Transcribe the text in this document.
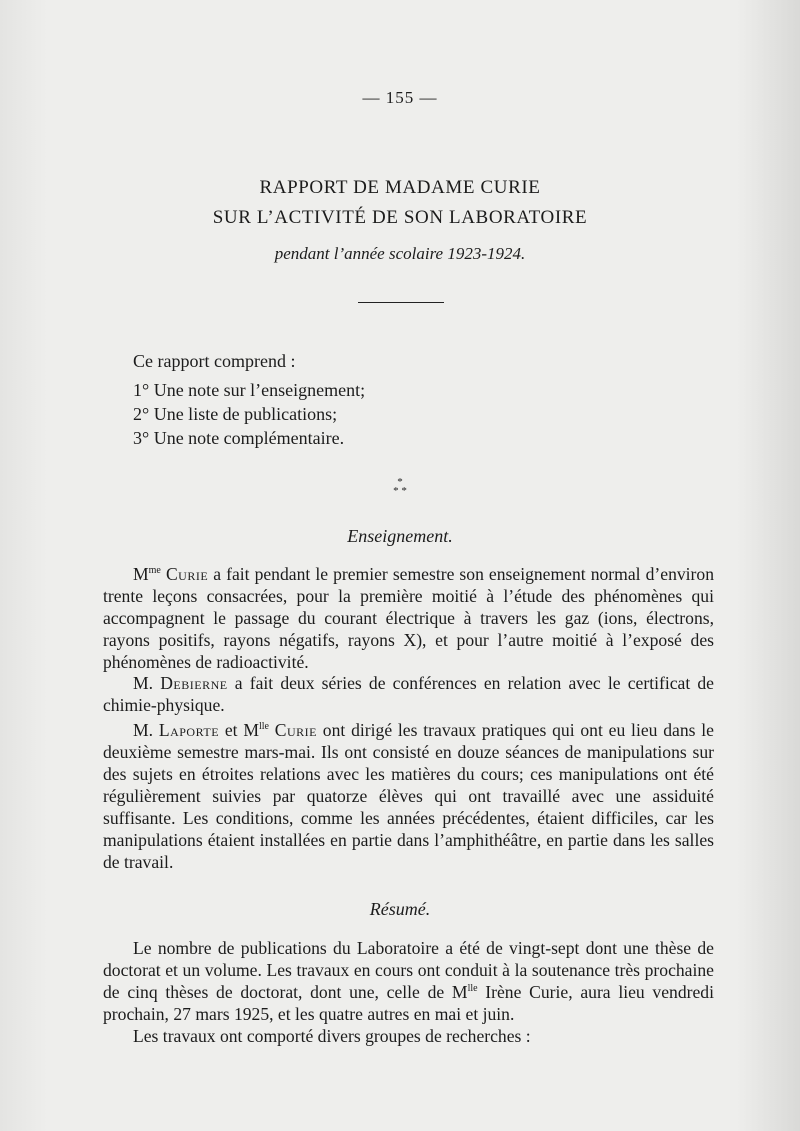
— 155 —
RAPPORT DE MADAME CURIE
SUR L’ACTIVITÉ DE SON LABORATOIRE
pendant l’année scolaire 1923-1924.
Ce rapport comprend :
1° Une note sur l’enseignement;
2° Une liste de publications;
3° Une note complémentaire.
*
* *
Enseignement.

$M^{me}$ Curie a fait pendant le premier semestre son enseignement normal d’environ trente leçons consacrées, pour la première moitié à l’étude des phénomènes qui accompagnent le passage du courant électrique à travers les gaz (ions, électrons, rayons positifs, rayons négatifs, rayons X), et pour l’autre moitié à l’exposé des phénomènes de radioactivité.

M. Debierne a fait deux séries de conférences en relation avec le certificat de chimie-physique.

M. Laporte et $M^{lle}$ Curie ont dirigé les travaux pratiques qui ont eu lieu dans le deuxième semestre mars-mai. Ils ont consisté en douze séances de manipulations sur des sujets en étroites relations avec les matières du cours; ces manipulations ont été régulièrement suivies par quatorze élèves qui ont travaillé avec une assiduité suffisante. Les conditions, comme les années précédentes, étaient difficiles, car les manipulations étaient installées en partie dans l’amphithéâtre, en partie dans les salles de travail.

Résumé.

Le nombre de publications du Laboratoire a été de vingt-sept dont une thèse de doctorat et un volume. Les travaux en cours ont conduit à la soutenance très prochaine de cinq thèses de doctorat, dont une, celle de $M^{lle}$ Irène Curie, aura lieu vendredi prochain, 27 mars 1925, et les quatre autres en mai et juin.

Les travaux ont comporté divers groupes de recherches :
